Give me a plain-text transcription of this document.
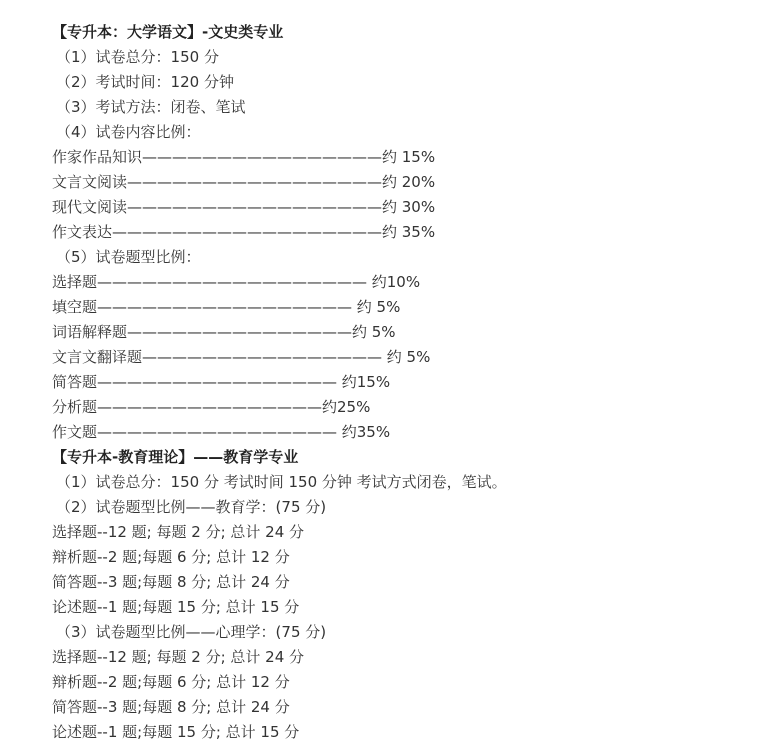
【专升本：大学语文】-文史类专业
（1）试卷总分：150 分
（2）考试时间：120 分钟
（3）考试方法：闭卷、笔试
（4）试卷内容比例：
作家作品知识————————————————约 15%
文言文阅读—————————————————约 20%
现代文阅读—————————————————约 30%
作文表达——————————————————约 35%
（5）试卷题型比例：
选择题—————————————————— 约10%
填空题————————————————— 约 5%
词语解释题———————————————约 5%
文言文翻译题———————————————— 约 5%
简答题———————————————— 约15%
分析题———————————————约25%
作文题———————————————— 约35%
【专升本-教育理论】——教育学专业
（1）试卷总分：150 分 考试时间 150 分钟 考试方式闭卷，笔试。
（2）试卷题型比例——教育学：(75 分)
选择题--12 题; 每题 2 分; 总计 24 分
辩析题--2 题;每题 6 分; 总计 12 分
简答题--3 题;每题 8 分; 总计 24 分
论述题--1 题;每题 15 分; 总计 15 分
（3）试卷题型比例——心理学：(75 分)
选择题--12 题; 每题 2 分; 总计 24 分
辩析题--2 题;每题 6 分; 总计 12 分
简答题--3 题;每题 8 分; 总计 24 分
论述题--1 题;每题 15 分; 总计 15 分
